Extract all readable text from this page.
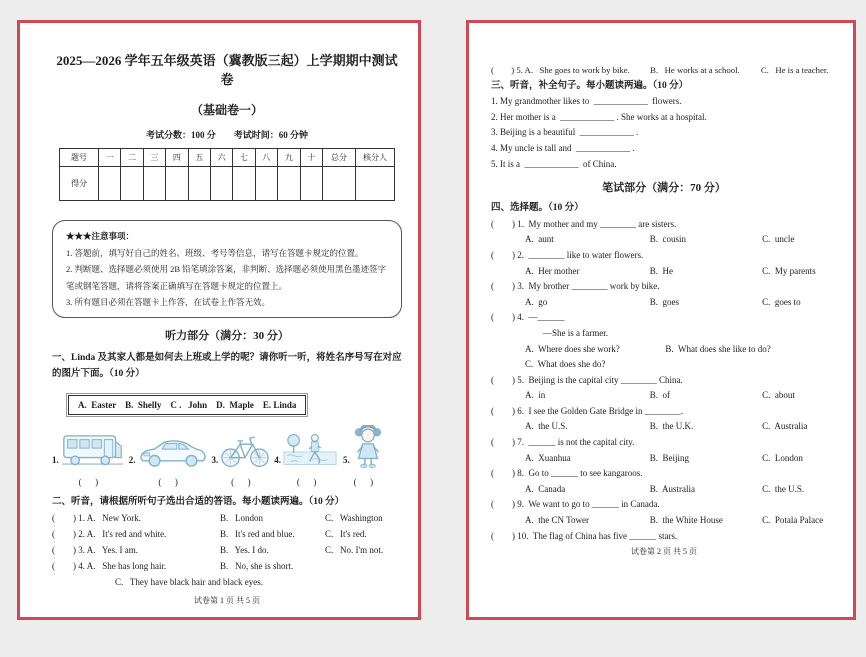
2025—2026 学年五年级英语（冀教版三起）上学期期中测试卷
（基础卷一）
考试分数：100 分        考试时间：60 分钟
题号	一	二	三	四	五	六	七	八	九	十	总分	核分人
得分												
★★★注意事项：
1. 答题前，填写好自己的姓名、班级、考号等信息，请写在答题卡规定的位置。
2. 判断题、选择题必须使用 2B 铅笔填涂答案，非判断、选择题必须使用黑色墨迹签字笔或钢笔答题，请将答案正确填写在答题卡规定的位置上。
3. 所有题目必须在答题卡上作答，在试卷上作答无效。
听力部分（满分：30 分）
一、Linda 及其家人都是如何去上班或上学的呢？请你听一听，将姓名序号写在对应的图片下面。（10 分）
A.  Easter    B.  Shelly    C .   John    D.  Maple    E. Linda
1.
(      )
2.
(      )
3.
(      )
4.
(      )
5.
(      )
二、听音，请根据所听句子选出合适的答语。每小题读两遍。（10 分）
(        ) 1. A.   New York.	B.   London	C.   Washington
(        ) 2. A.   It's red and white.	B.   It's red and blue.	C.   It's red.
(        ) 3. A.   Yes. I am.	B.   Yes. I do.	C.   No. I'm not.
(        ) 4. A.   She has long hair.	B.   No, she is short.
C.   They have black hair and black eyes.
试卷第 1 页 共 5 页
(        ) 5. A.   She goes to work by bike.	B.   He works at a school.	C.   He is a teacher.
三、听音，补全句子。每小题读两遍。（10 分）
1. My grandmother likes to  ____________  flowers.
2. Her mother is a  ____________ . She works at a hospital.
3. Beijing is a beautiful  ____________ .
4. My uncle is tall and  ____________ .
5. It is a  ____________  of China.
笔试部分（满分：70 分）
四、选择题。（10 分）
(        ) 1.  My mother and my ________ are sisters.
A.  aunt	B.  cousin	C.  uncle
(        ) 2.  ________ like to water flowers.
A.  Her mother	B.  He	C.  My parents
(        ) 3.  My brother ________ work by bike.
A.  go	B.  goes	C.  goes to
(        ) 4.  —______
—She is a farmer.
A.  Where does she work?	B.  What does she like to do?
C.  What does she do?
(        ) 5.  Beijing is the capital city ________ China.
A.  in	B.  of	C.  about
(        ) 6.  I see the Golden Gate Bridge in ________.
A.  the U.S.	B.  the U.K.	C.  Australia
(        ) 7.  ______ is not the capital city.
A.  Xuanhua	B.  Beijing	C.  London
(        ) 8.  Go to ______ to see kangaroos.
A.  Canada	B.  Australia	C.  the U.S.
(        ) 9.  We want to go to ______ in Canada.
A.  the CN Tower	B.  the White House	C.  Potala Palace
(        ) 10.  The flag of China has five ______ stars.
试卷第 2 页 共 5 页
